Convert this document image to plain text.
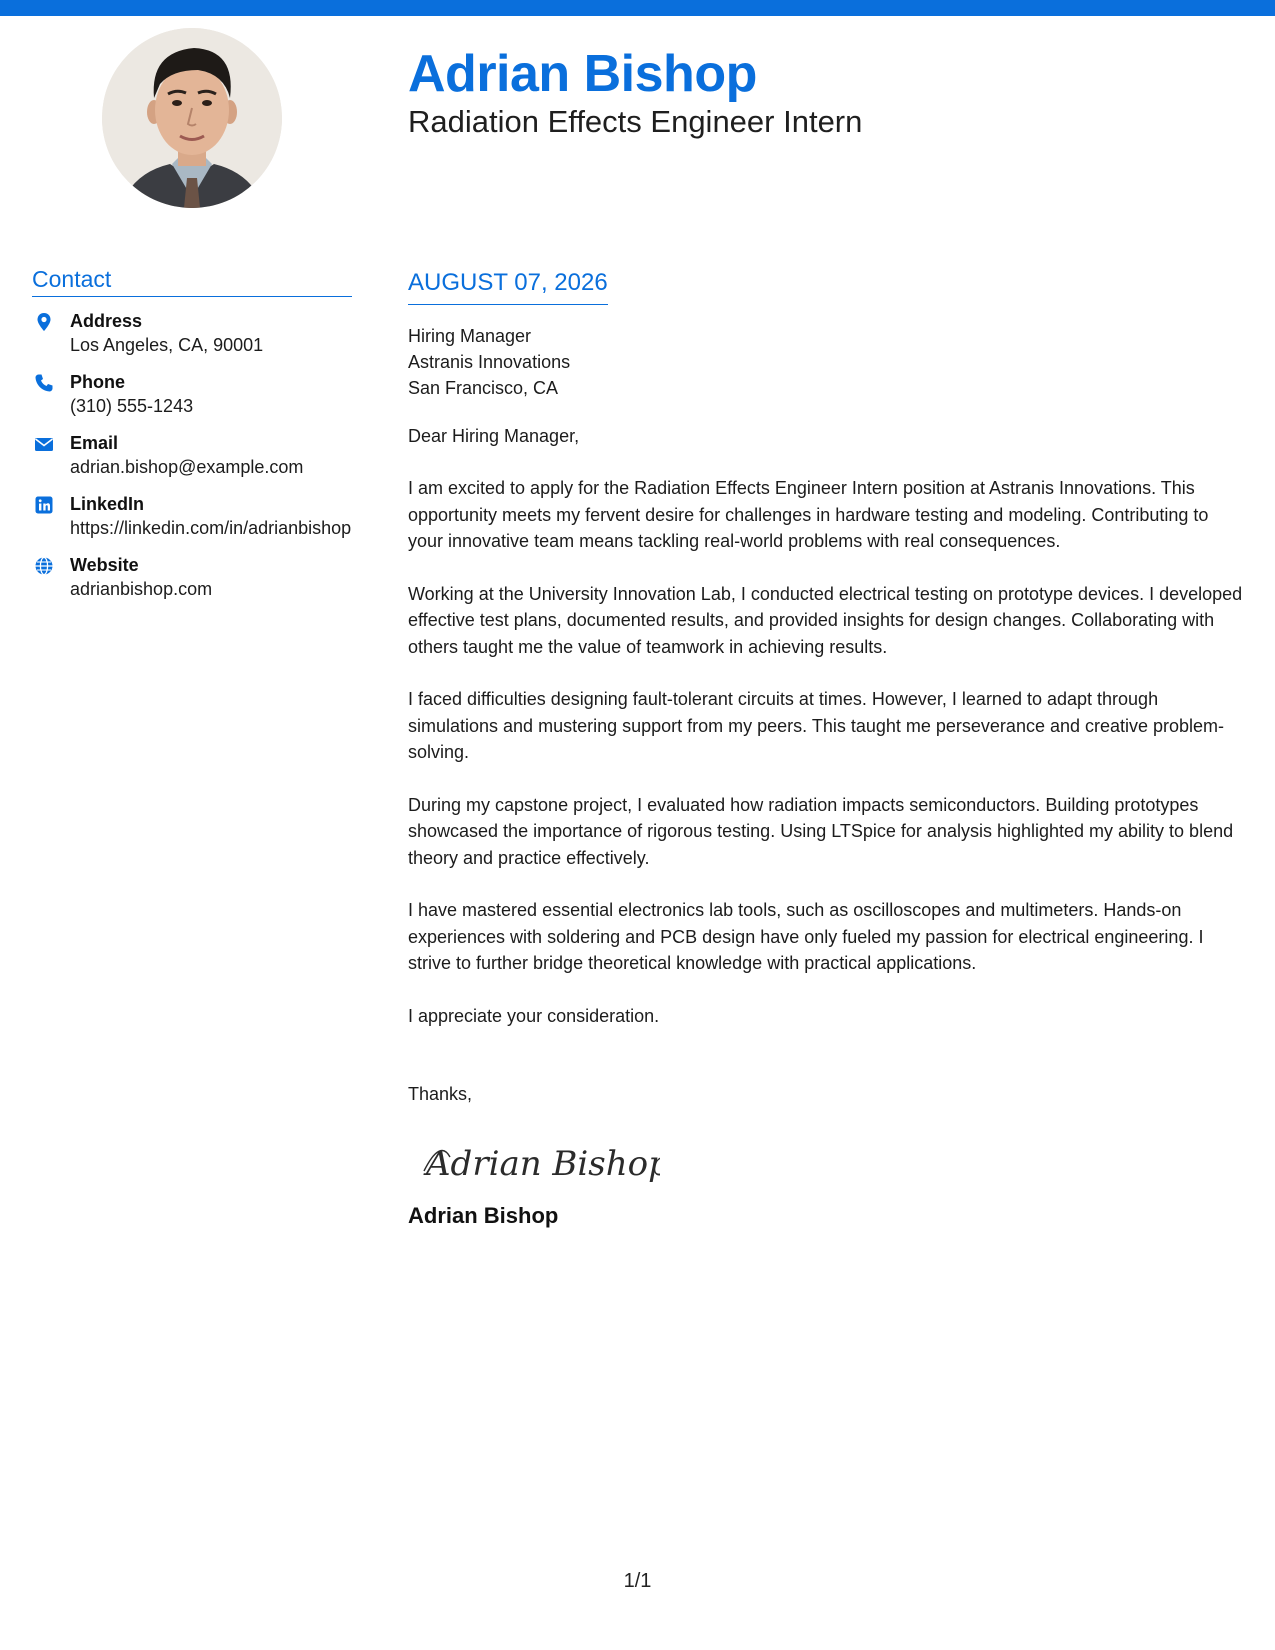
Adrian Bishop
Radiation Effects Engineer Intern
Contact
Address
Los Angeles, CA, 90001
Phone
(310) 555-1243
Email
adrian.bishop@example.com
LinkedIn
https://linkedin.com/in/adrianbishop
Website
adrianbishop.com
AUGUST 07, 2026
Hiring Manager
Astranis Innovations
San Francisco, CA
Dear Hiring Manager,

I am excited to apply for the Radiation Effects Engineer Intern position at Astranis Innovations. This opportunity meets my fervent desire for challenges in hardware testing and modeling. Contributing to your innovative team means tackling real-world problems with real consequences.

Working at the University Innovation Lab, I conducted electrical testing on prototype devices. I developed effective test plans, documented results, and provided insights for design changes. Collaborating with others taught me the value of teamwork in achieving results.

I faced difficulties designing fault-tolerant circuits at times. However, I learned to adapt through simulations and mustering support from my peers. This taught me perseverance and creative problem-solving.

During my capstone project, I evaluated how radiation impacts semiconductors. Building prototypes showcased the importance of rigorous testing. Using LTSpice for analysis highlighted my ability to blend theory and practice effectively.

I have mastered essential electronics lab tools, such as oscilloscopes and multimeters. Hands-on experiences with soldering and PCB design have only fueled my passion for electrical engineering. I strive to further bridge theoretical knowledge with practical applications.

I appreciate your consideration.

Thanks,
Adrian Bishop
Adrian Bishop
1/1
